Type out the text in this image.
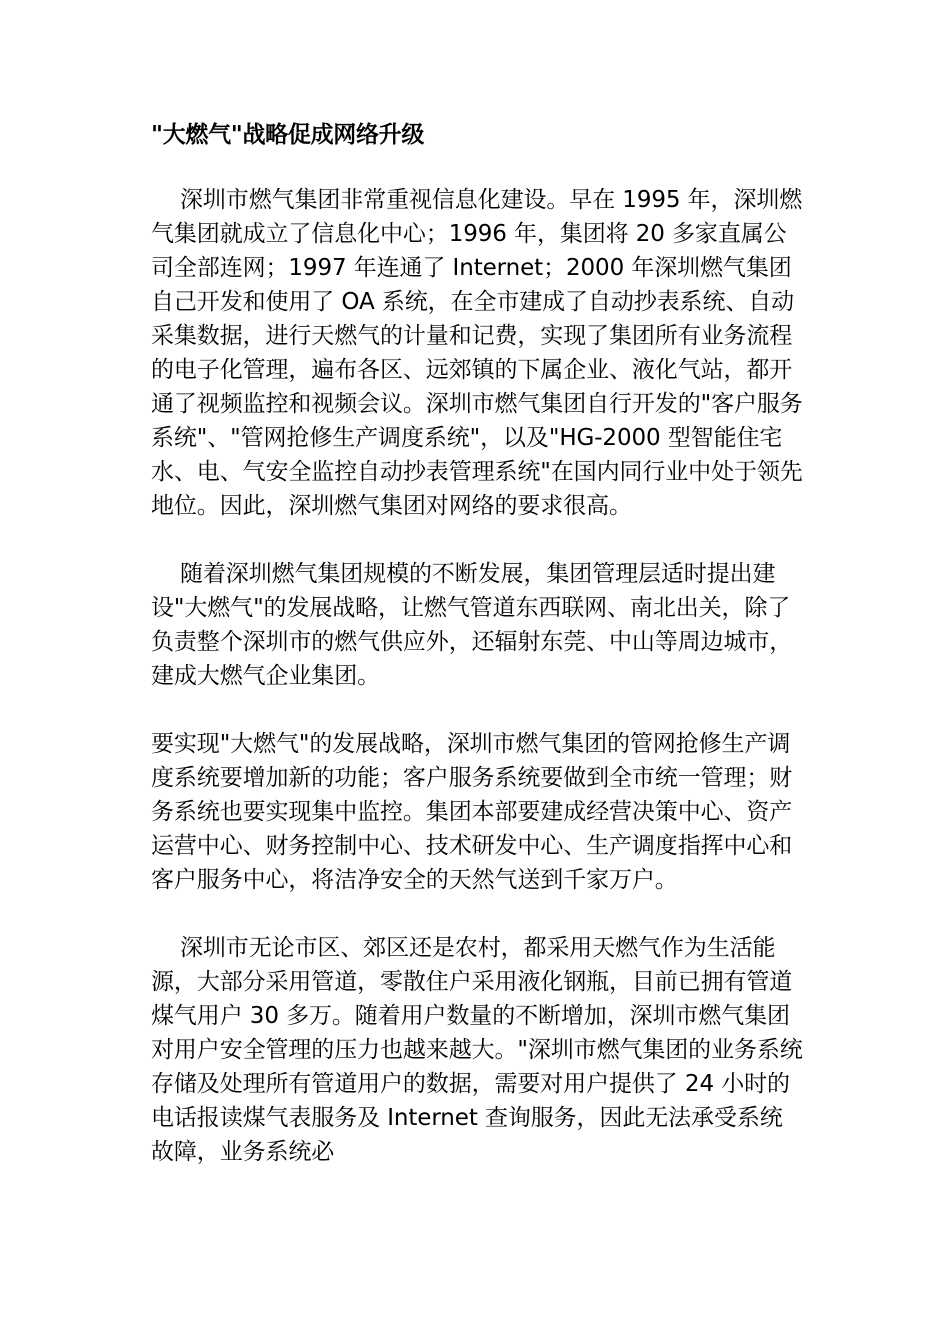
"大燃气"战略促成网络升级

深圳市燃气集团非常重视信息化建设。早在 1995 年，深圳燃气集团就成立了信息化中心；1996 年，集团将 20 多家直属公司全部连网；1997 年连通了 Internet；2000 年深圳燃气集团自己开发和使用了 OA 系统，在全市建成了自动抄表系统、自动采集数据，进行天燃气的计量和记费，实现了集团所有业务流程的电子化管理，遍布各区、远郊镇的下属企业、液化气站，都开通了视频监控和视频会议。深圳市燃气集团自行开发的"客户服务系统"、"管网抢修生产调度系统"，以及"HG-2000 型智能住宅水、电、气安全监控自动抄表管理系统"在国内同行业中处于领先地位。因此，深圳燃气集团对网络的要求很高。

随着深圳燃气集团规模的不断发展，集团管理层适时提出建设"大燃气"的发展战略，让燃气管道东西联网、南北出关，除了负责整个深圳市的燃气供应外，还辐射东莞、中山等周边城市，建成大燃气企业集团。

要实现"大燃气"的发展战略，深圳市燃气集团的管网抢修生产调度系统要增加新的功能；客户服务系统要做到全市统一管理；财务系统也要实现集中监控。集团本部要建成经营决策中心、资产运营中心、财务控制中心、技术研发中心、生产调度指挥中心和客户服务中心，将洁净安全的天然气送到千家万户。

深圳市无论市区、郊区还是农村，都采用天燃气作为生活能源，大部分采用管道，零散住户采用液化钢瓶，目前已拥有管道煤气用户 30 多万。随着用户数量的不断增加，深圳市燃气集团对用户安全管理的压力也越来越大。"深圳市燃气集团的业务系统存储及处理所有管道用户的数据，需要对用户提供了 24 小时的电话报读煤气表服务及 Internet 查询服务，因此无法承受系统故障，业务系统必
